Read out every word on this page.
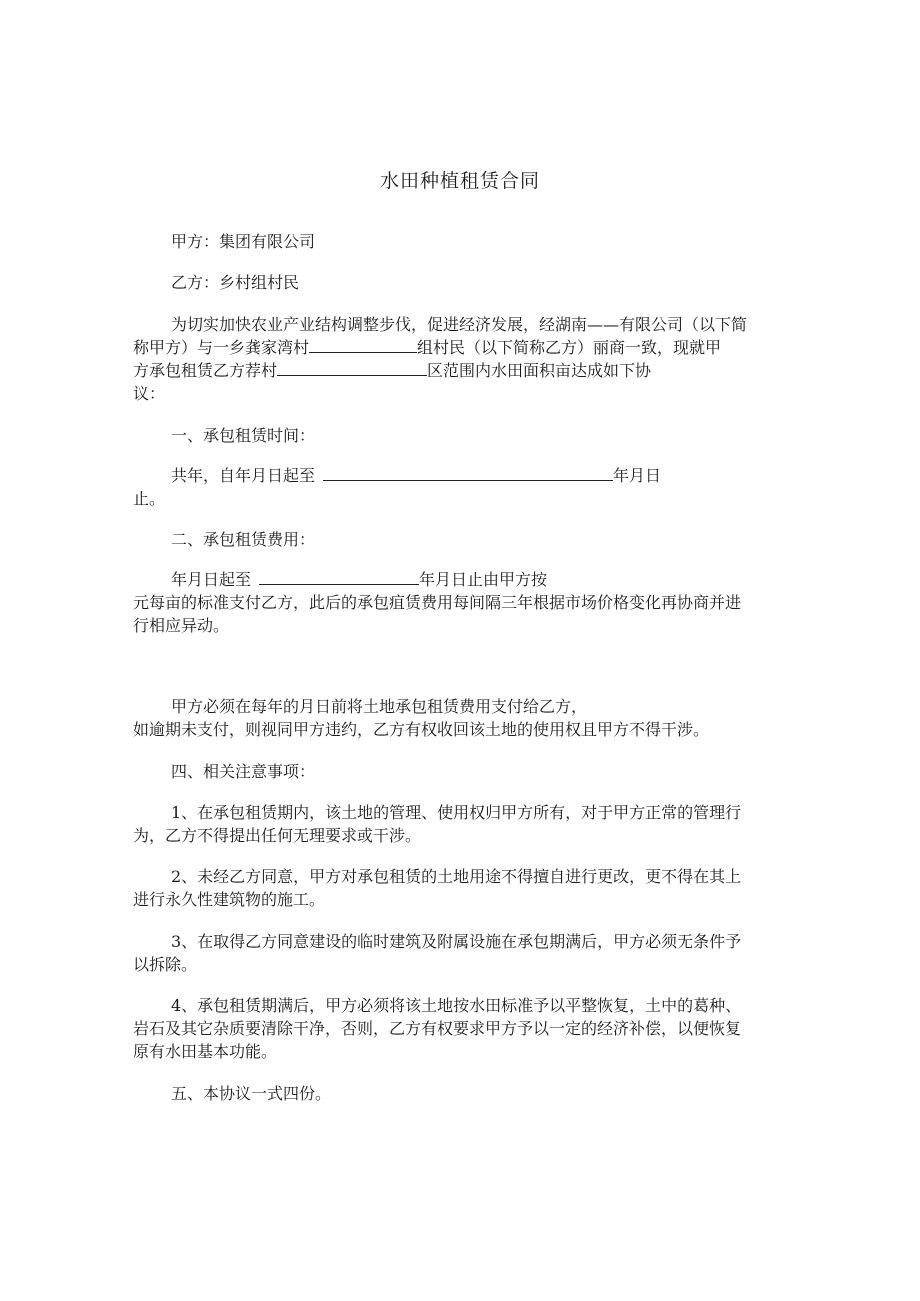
水田种植租赁合同
甲方：集团有限公司
乙方：乡村组村民
为切实加快农业产业结构调整步伐，促进经济发展，经湖南——有限公司（以下简
称甲方）与一乡龚家湾村	组村民（以下简称乙方）丽商一致，现就甲
方承包租赁乙方荐村	区范围内水田面积亩达成如下协
议：
一、承包租赁时间：
共年，自年月日起至	年月日
止。
二、承包租赁费用：
年月日起至	年月日止由甲方按
元每亩的标准支付乙方，此后的承包疽赁费用每间隔三年根据市场价格变化再协商并进
行相应异动。
甲方必须在每年的月日前将土地承包租赁费用支付给乙方，
如逾期未支付，则视同甲方违约，乙方有权收回该土地的使用权且甲方不得干涉。
四、相关注意事项：
1、在承包租赁期内，该土地的管理、使用权归甲方所有，对于甲方正常的管理行
为，乙方不得提出任何无理要求或干涉。
2、未经乙方同意，甲方对承包租赁的土地用途不得擅自进行更改，更不得在其上
进行永久性建筑物的施工。
3、在取得乙方同意建设的临时建筑及附属设施在承包期满后，甲方必须无条件予
以拆除。
4、承包租赁期满后，甲方必须将该土地按水田标准予以平整恢复，土中的葛种、
岩石及其它杂质要清除干净，否则，乙方有权要求甲方予以一定的经济补偿，以便恢复
原有水田基本功能。
五、本协议一式四份。
